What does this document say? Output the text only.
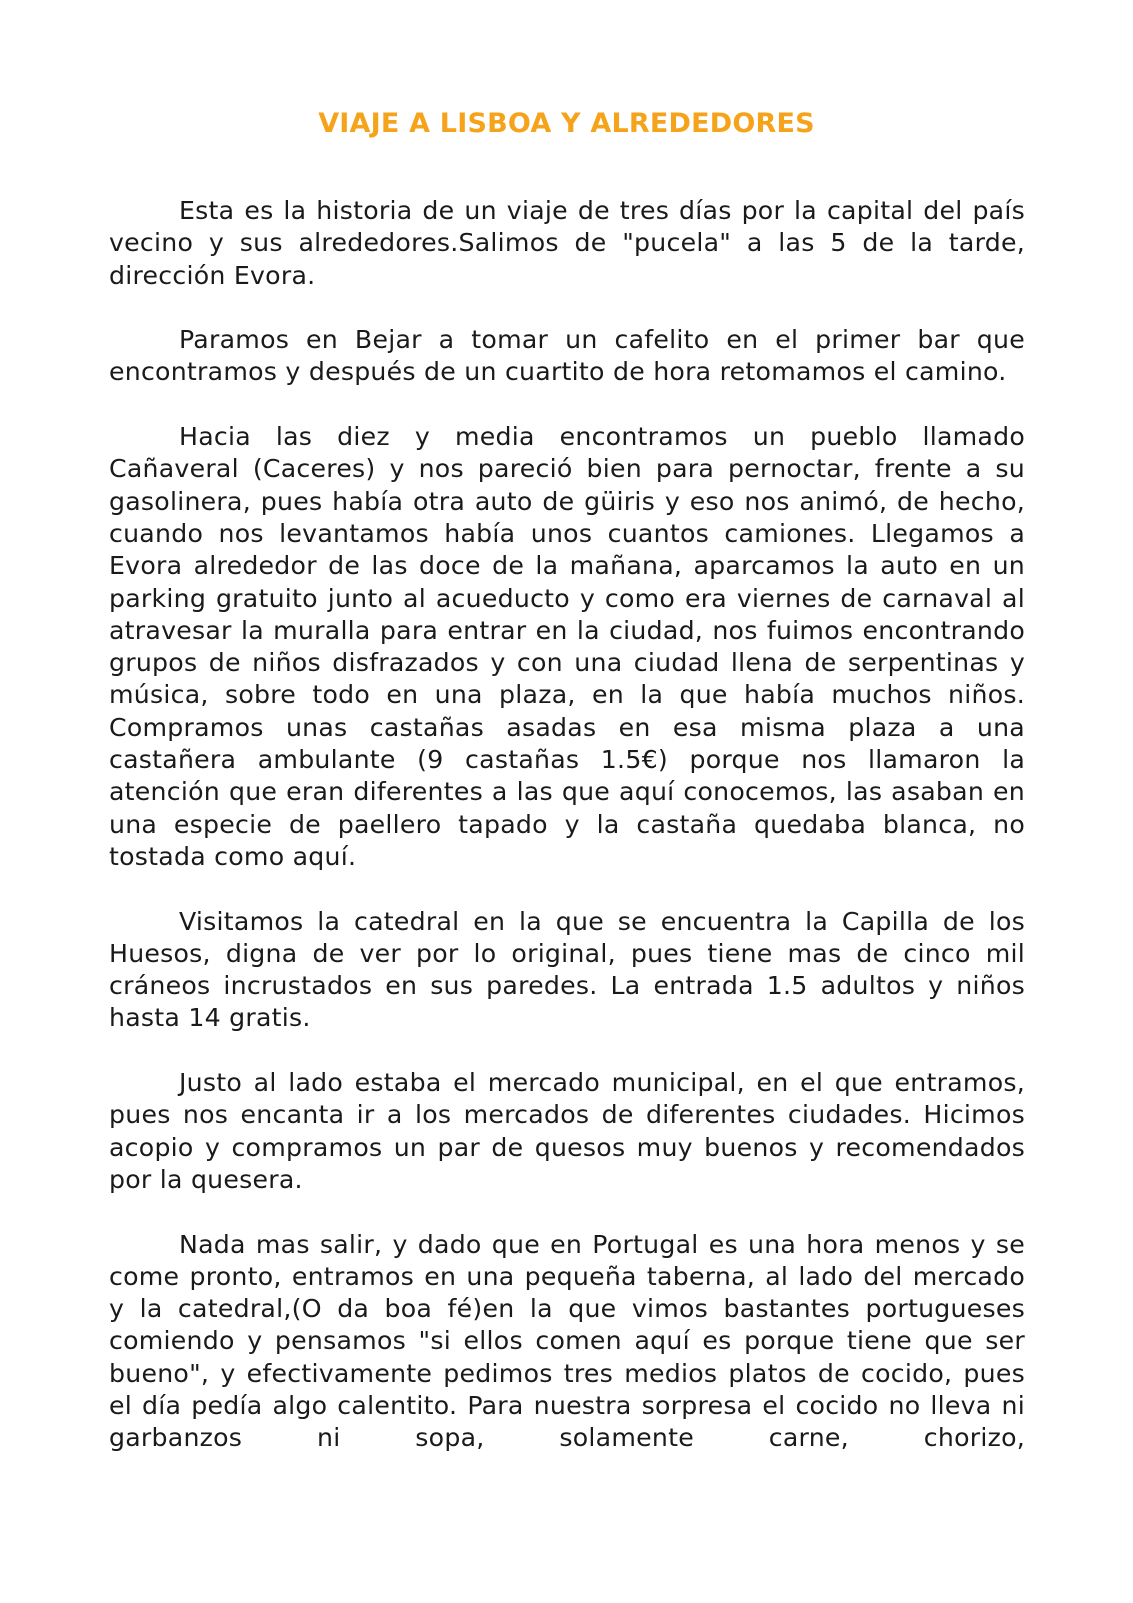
VIAJE A LISBOA Y ALREDEDORES

Esta es la historia de un viaje de tres días por la capital del país vecino y sus alrededores.Salimos de "pucela" a las 5 de la tarde, dirección Evora.

Paramos en Bejar a tomar un cafelito en el primer bar que encontramos y después de un cuartito de hora retomamos el camino.

Hacia las diez y media encontramos un pueblo llamado Cañaveral (Caceres) y nos pareció bien para pernoctar, frente a su gasolinera, pues había otra auto de güiris y eso nos animó, de hecho, cuando nos levantamos había unos cuantos camiones. Llegamos a Evora alrededor de las doce de la mañana, aparcamos la auto en un parking gratuito junto al acueducto y como era viernes de carnaval al atravesar la muralla para entrar en la ciudad, nos fuimos encontrando grupos de niños disfrazados y con una ciudad llena de serpentinas y música, sobre todo en una plaza, en la que había muchos niños. Compramos unas castañas asadas en esa misma plaza a una castañera ambulante (9 castañas 1.5€) porque nos llamaron la atención que eran diferentes a las que aquí conocemos, las asaban en una especie de paellero tapado y la castaña quedaba blanca, no tostada como aquí.

Visitamos la catedral en la que se encuentra la Capilla de los Huesos, digna de ver por lo original, pues tiene mas de cinco mil cráneos incrustados en sus paredes. La entrada 1.5 adultos y niños hasta 14 gratis.

Justo al lado estaba el mercado municipal, en el que entramos, pues nos encanta ir a los mercados de diferentes ciudades. Hicimos acopio y compramos un par de quesos muy buenos y recomendados por la quesera.

Nada mas salir, y dado que en Portugal es una hora menos y se come pronto, entramos en una pequeña taberna, al lado del mercado y la catedral,(O da boa fé)en la que vimos bastantes portugueses comiendo y pensamos "si ellos comen aquí es porque tiene que ser bueno", y efectivamente pedimos tres medios platos de cocido, pues el día pedía algo calentito. Para nuestra sorpresa el cocido no lleva ni garbanzos ni sopa, solamente carne, chorizo,
